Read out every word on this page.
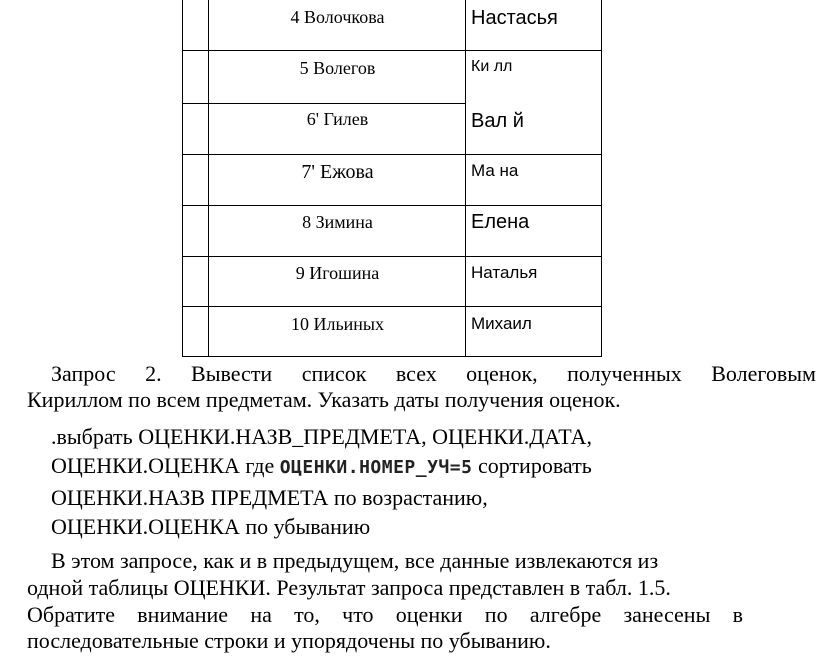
4 Волочкова	Настасья
5 Волегов	Ки лл
6' Гилев	Вал й
7' Ежова	Ма на
8 Зимина	Елена
9 Игошина	Наталья
10 Ильиных	Михаил
Запрос 2. Вывести список всех оценок, полученных Волеговым
Кириллом по всем предметам. Указать даты получения оценок.
.выбрать ОЦЕНКИ.НАЗВ_ПРЕДМЕТА, ОЦЕНКИ.ДАТА,
ОЦЕНКИ.ОЦЕНКА где ОЦЕНКИ.НОМЕР_УЧ=5 сортировать
ОЦЕНКИ.НАЗВ ПРЕДМЕТА по возрастанию,
ОЦЕНКИ.ОЦЕНКА по убыванию
В этом запросе, как и в предыдущем, все данные извлекаются из
одной таблицы ОЦЕНКИ. Результат запроса представлен в табл. 1.5.
Обратите внимание на то, что оценки по алгебре занесены в
последовательные строки и упорядочены по убыванию.
